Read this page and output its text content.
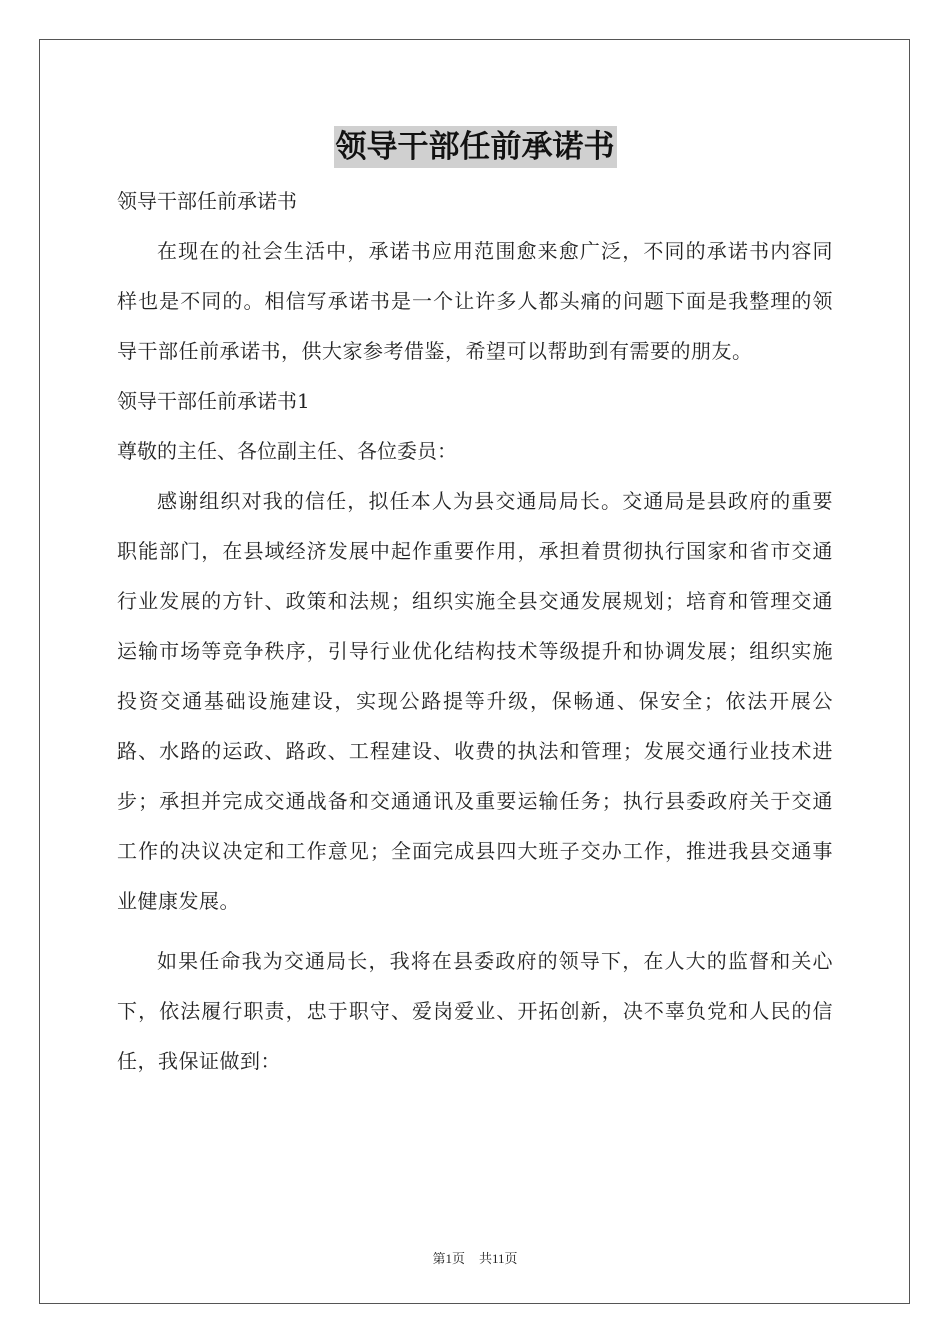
领导干部任前承诺书

领导干部任前承诺书

在现在的社会生活中，承诺书应用范围愈来愈广泛，不同的承诺书内容同样也是不同的。相信写承诺书是一个让许多人都头痛的问题下面是我整理的领导干部任前承诺书，供大家参考借鉴，希望可以帮助到有需要的朋友。

领导干部任前承诺书1

尊敬的主任、各位副主任、各位委员：

感谢组织对我的信任，拟任本人为县交通局局长。交通局是县政府的重要职能部门，在县域经济发展中起作重要作用，承担着贯彻执行国家和省市交通行业发展的方针、政策和法规；组织实施全县交通发展规划；培育和管理交通运输市场等竞争秩序，引导行业优化结构技术等级提升和协调发展；组织实施投资交通基础设施建设，实现公路提等升级，保畅通、保安全；依法开展公路、水路的运政、路政、工程建设、收费的执法和管理；发展交通行业技术进步；承担并完成交通战备和交通通讯及重要运输任务；执行县委政府关于交通工作的决议决定和工作意见；全面完成县四大班子交办工作，推进我县交通事业健康发展。

如果任命我为交通局长，我将在县委政府的领导下，在人大的监督和关心下，依法履行职责，忠于职守、爱岗爱业、开拓创新，决不辜负党和人民的信任，我保证做到：

第1页 共11页
